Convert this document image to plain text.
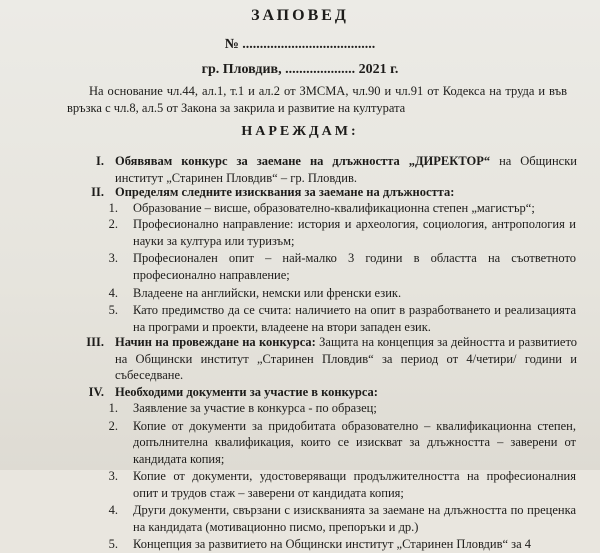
ЗАПОВЕД
№ ......................................
гр. Пловдив, .................... 2021 г.
На основание чл.44, ал.1, т.1 и ал.2 от ЗМСМА, чл.90 и чл.91 от Кодекса на труда и във връзка с чл.8, ал.5 от Закона за закрила и развитие на културата
НАРЕЖДАМ:
I. Обявявам конкурс за заемане на длъжността „ДИРЕКТОР“ на Общински институт „Старинен Пловдив“ – гр. Пловдив.
II. Определям следните изисквания за заемане на длъжността:
1. Образование – висше, образователно-квалификационна степен „магистър“;
2. Професионално направление: история и археология, социология, антропология и науки за култура или туризъм;
3. Професионален опит – най-малко 3 години в областта на съответното професионално направление;
4. Владеене на английски, немски или френски език.
5. Като предимство да се счита: наличието на опит в разработването и реализацията на програми и проекти, владеене на втори западен език.
III. Начин на провеждане на конкурса: Защита на концепция за дейността и развитието на Общински институт „Старинен Пловдив“ за период от 4/четири/ години и събеседване.
IV. Необходими документи за участие в конкурса:
1. Заявление за участие в конкурса - по образец;
2. Копие от документи за придобитата образователно – квалификационна степен, допълнителна квалификация, които се изискват за длъжността – заверени от кандидата копия;
3. Копие от документи, удостоверяващи продължителността на професионалния опит и трудов стаж – заверени от кандидата копия;
4. Други документи, свързани с изискванията за заемане на длъжността по преценка на кандидата (мотивационно писмо, препоръки и др.)
5. Концепция за развитието на Общински институт „Старинен Пловдив“ за 4
